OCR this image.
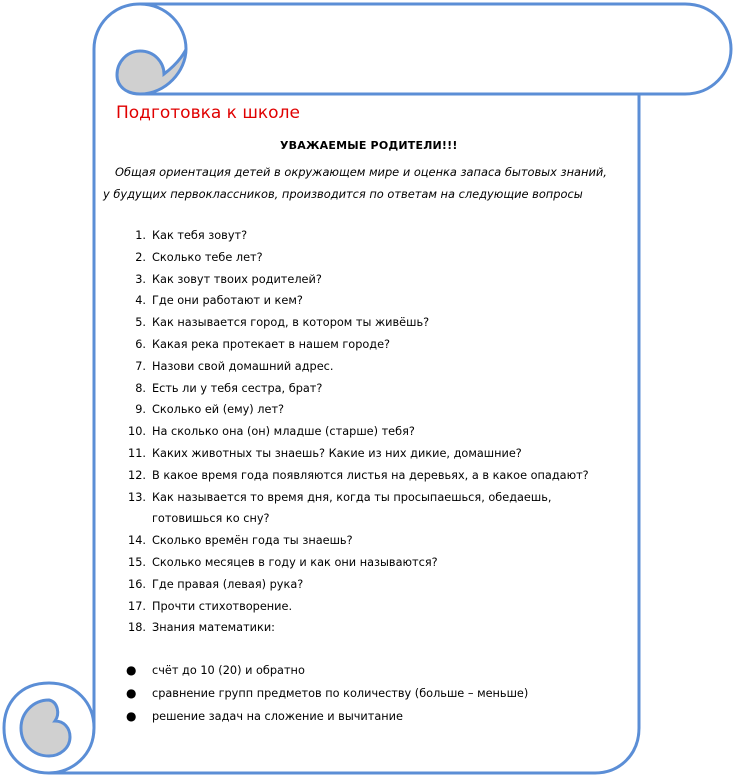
Подготовка к школе
УВАЖАЕМЫЕ РОДИТЕЛИ!!!
Общая ориентация детей в окружающем мире и оценка запаса бытовых знаний,
у будущих первоклассников, производится по ответам на следующие вопросы
1. Как тебя зовут?
2. Сколько тебе лет?
3. Как зовут твоих родителей?
4. Где они работают и кем?
5. Как называется город, в котором ты живёшь?
6. Какая река протекает в нашем городе?
7. Назови свой домашний адрес.
8. Есть ли у тебя сестра, брат?
9. Сколько ей (ему) лет?
10. На сколько она (он) младше (старше) тебя?
11. Каких животных ты знаешь? Какие из них дикие, домашние?
12. В какое время года появляются листья на деревьях, а в какое опадают?
13. Как называется то время дня, когда ты просыпаешься, обедаешь, готовишься ко сну?
14. Сколько времён года ты знаешь?
15. Сколько месяцев в году и как они называются?
16. Где правая (левая) рука?
17. Прочти стихотворение.
18. Знания математики:
● счёт до 10 (20) и обратно
● сравнение групп предметов по количеству (больше – меньше)
● решение задач на сложение и вычитание
